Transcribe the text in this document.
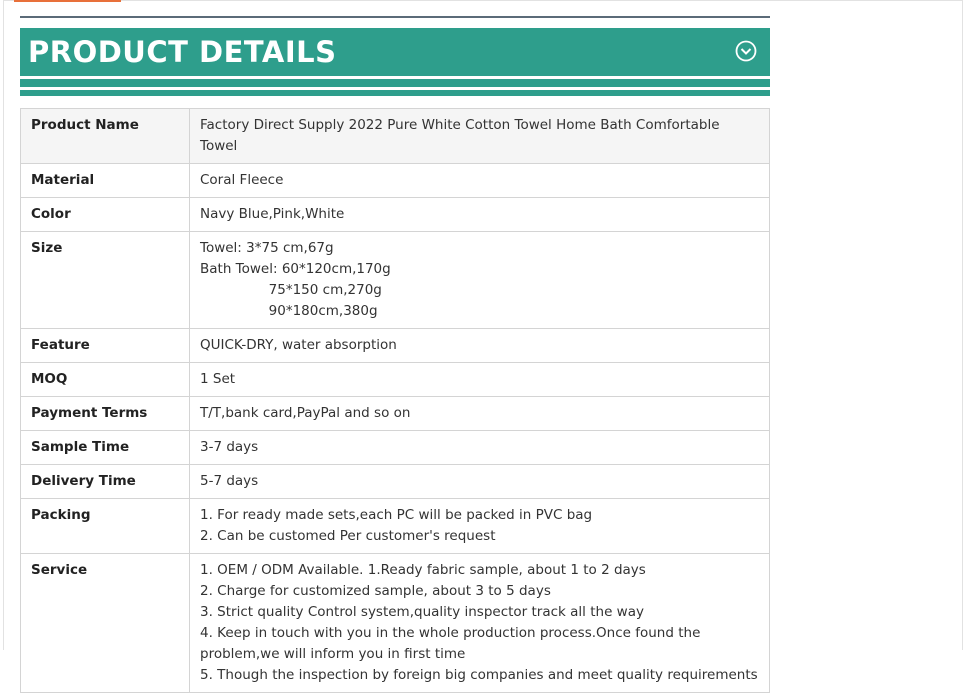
PRODUCT DETAILS
Product Name	Factory Direct Supply 2022 Pure White Cotton Towel Home Bath Comfortable Towel

Material	Coral Fleece

Color	Navy Blue,Pink,White

Size	Towel: 3*75 cm,67g
Bath Towel: 60*120cm,170g
75*150 cm,270g
90*180cm,380g

Feature	QUICK-DRY, water absorption

MOQ	1 Set

Payment Terms	T/T,bank card,PayPal and so on

Sample Time	3-7 days

Delivery Time	5-7 days

Packing	1. For ready made sets,each PC will be packed in PVC bag
2. Can be customed Per customer's request

Service	1. OEM / ODM Available. 1.Ready fabric sample, about 1 to 2 days
2. Charge for customized sample, about 3 to 5 days
3. Strict quality Control system,quality inspector track all the way
4. Keep in touch with you in the whole production process.Once found the problem,we will inform you in first time
5. Though the inspection by foreign big companies and meet quality requirements
